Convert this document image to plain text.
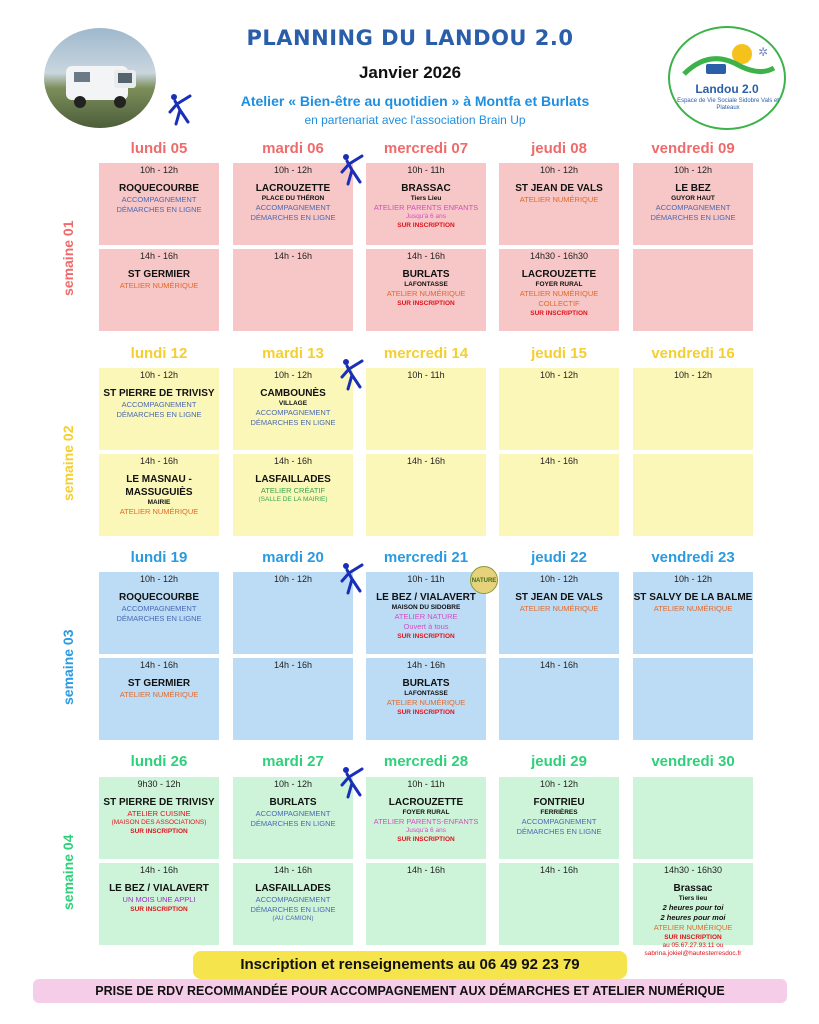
PLANNING DU LANDOU 2.0
Janvier 2026
Atelier « Bien-être au quotidien » à Montfa et Burlats
en partenariat avec l'association Brain Up
✲
Landou 2.0
Espace de Vie Sociale Sidobre Vals et Plateaux
semaine 01
lundi 05
10h - 12h
ROQUECOURBE
ACCOMPAGNEMENT
DÉMARCHES EN LIGNE
14h - 16h
ST GERMIER
ATELIER NUMÉRIQUE
mardi 06
10h - 12h
LACROUZETTE
PLACE DU THÉRON
ACCOMPAGNEMENT
DÉMARCHES EN LIGNE
14h - 16h
mercredi 07
10h - 11h
BRASSAC
Tiers Lieu
ATELIER PARENTS ENFANTS
Jusqu'à 6 ans
SUR INSCRIPTION
14h - 16h
BURLATS
LAFONTASSE
ATELIER NUMÉRIQUE
SUR INSCRIPTION
jeudi 08
10h - 12h
ST JEAN DE VALS
ATELIER NUMÉRIQUE
14h30 - 16h30
LACROUZETTE
FOYER RURAL
ATELIER NUMÉRIQUE
COLLECTIF
SUR INSCRIPTION
vendredi 09
10h - 12h
LE BEZ
GUYOR HAUT
ACCOMPAGNEMENT
DÉMARCHES EN LIGNE
semaine 02
lundi 12
10h - 12h
ST PIERRE DE TRIVISY
ACCOMPAGNEMENT
DÉMARCHES EN LIGNE
14h - 16h
LE MASNAU - MASSUGUIÈS
MAIRIE
ATELIER NUMÉRIQUE
mardi 13
10h - 12h
CAMBOUNÈS
VILLAGE
ACCOMPAGNEMENT
DÉMARCHES EN LIGNE
14h - 16h
LASFAILLADES
ATELIER CRÉATIF
(SALLE DE LA MAIRIE)
mercredi 14
10h - 11h
14h - 16h
jeudi 15
10h - 12h
14h - 16h
vendredi 16
10h - 12h
semaine 03
lundi 19
10h - 12h
ROQUECOURBE
ACCOMPAGNEMENT
DÉMARCHES EN LIGNE
14h - 16h
ST GERMIER
ATELIER NUMÉRIQUE
mardi 20
10h - 12h
14h - 16h
mercredi 21
10h - 11h
LE BEZ / VIALAVERT
MAISON DU SIDOBRE
ATELIER NATURE
Ouvert à tous
SUR INSCRIPTION
14h - 16h
BURLATS
LAFONTASSE
ATELIER NUMÉRIQUE
SUR INSCRIPTION
jeudi 22
10h - 12h
ST JEAN DE VALS
ATELIER NUMÉRIQUE
14h - 16h
vendredi 23
10h - 12h
ST SALVY DE LA BALME
ATELIER NUMÉRIQUE
semaine 04
lundi 26
9h30 - 12h
ST PIERRE DE TRIVISY
ATELIER CUISINE
(MAISON DES ASSOCIATIONS)
SUR INSCRIPTION
14h - 16h
LE BEZ / VIALAVERT
UN MOIS UNE APPLI
SUR INSCRIPTION
mardi 27
10h - 12h
BURLATS
ACCOMPAGNEMENT
DÉMARCHES EN LIGNE
14h - 16h
LASFAILLADES
ACCOMPAGNEMENT
DÉMARCHES EN LIGNE
(AU CAMION)
mercredi 28
10h - 11h
LACROUZETTE
FOYER RURAL
ATELIER PARENTS-ENFANTS
Jusqu'à 6 ans
SUR INSCRIPTION
14h - 16h
jeudi 29
10h - 12h
FONTRIEU
FERRIÈRES
ACCOMPAGNEMENT
DÉMARCHES EN LIGNE
14h - 16h
vendredi 30
14h30 - 16h30
Brassac
Tiers lieu
2 heures pour toi
2 heures pour moi
ATELIER NUMÉRIQUE
SUR INSCRIPTION
au 05.67.27.93.11 ou
sabrina.jokiel@hautesterresdoc.fr
NATURE
Inscription et renseignements au 06 49 92 23 79
PRISE DE RDV RECOMMANDÉE POUR ACCOMPAGNEMENT AUX DÉMARCHES ET ATELIER NUMÉRIQUE
